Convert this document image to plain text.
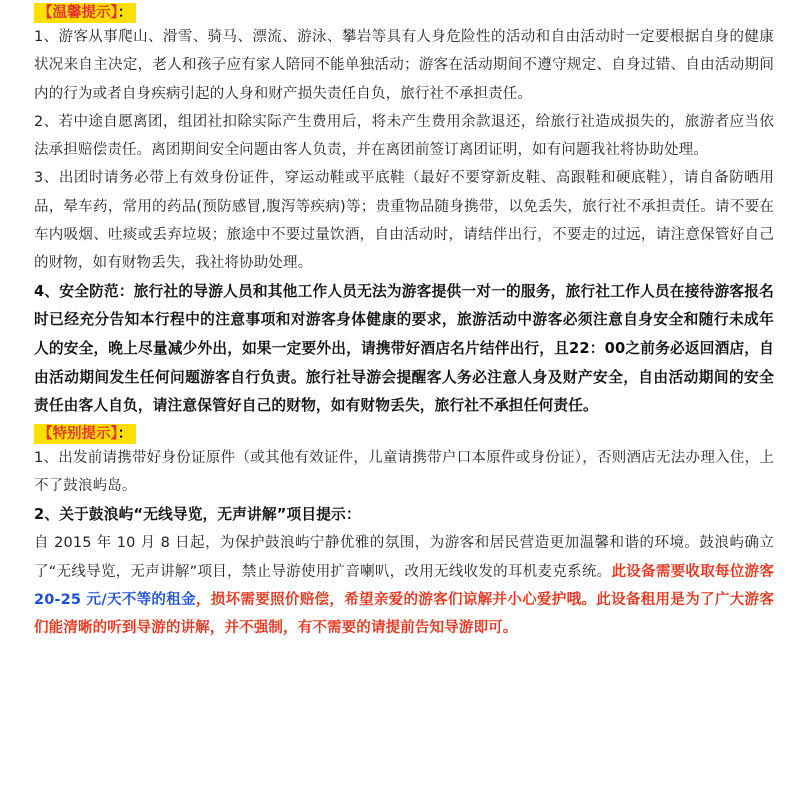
【温馨提示】：

1、游客从事爬山、滑雪、骑马、漂流、游泳、攀岩等具有人身危险性的活动和自由活动时一定要根据自身的健康状况来自主决定，老人和孩子应有家人陪同不能单独活动；游客在活动期间不遵守规定、自身过错、自由活动期间内的行为或者自身疾病引起的人身和财产损失责任自负，旅行社不承担责任。

2、若中途自愿离团，组团社扣除实际产生费用后，将未产生费用余款退还，给旅行社造成损失的，旅游者应当依法承担赔偿责任。离团期间安全问题由客人负责，并在离团前签订离团证明，如有问题我社将协助处理。

3、出团时请务必带上有效身份证件，穿运动鞋或平底鞋（最好不要穿新皮鞋、高跟鞋和硬底鞋），请自备防晒用品，晕车药，常用的药品(预防感冒,腹泻等疾病)等；贵重物品随身携带，以免丢失，旅行社不承担责任。请不要在车内吸烟、吐痰或丢弃垃圾；旅途中不要过量饮酒，自由活动时，请结伴出行，不要走的过远，请注意保管好自己的财物，如有财物丢失，我社将协助处理。

4、安全防范：旅行社的导游人员和其他工作人员无法为游客提供一对一的服务，旅行社工作人员在接待游客报名时已经充分告知本行程中的注意事项和对游客身体健康的要求，旅游活动中游客必须注意自身安全和随行未成年人的安全，晚上尽量减少外出，如果一定要外出，请携带好酒店名片结伴出行，且22：00之前务必返回酒店，自由活动期间发生任何问题游客自行负责。旅行社导游会提醒客人务必注意人身及财产安全，自由活动期间的安全责任由客人自负，请注意保管好自己的财物，如有财物丢失，旅行社不承担任何责任。

【特别提示】：

1、出发前请携带好身份证原件（或其他有效证件，儿童请携带户口本原件或身份证），否则酒店无法办理入住，上不了鼓浪屿岛。

2、关于鼓浪屿“无线导览，无声讲解”项目提示：

自 2015 年 10 月 8 日起，为保护鼓浪屿宁静优雅的氛围，为游客和居民营造更加温馨和谐的环境。鼓浪屿确立了“无线导览，无声讲解”项目，禁止导游使用扩音喇叭，改用无线收发的耳机麦克系统。此设备需要收取每位游客 20-25 元/天不等的租金，损坏需要照价赔偿，希望亲爱的游客们谅解并小心爱护哦。此设备租用是为了广大游客们能清晰的听到导游的讲解，并不强制，有不需要的请提前告知导游即可。
